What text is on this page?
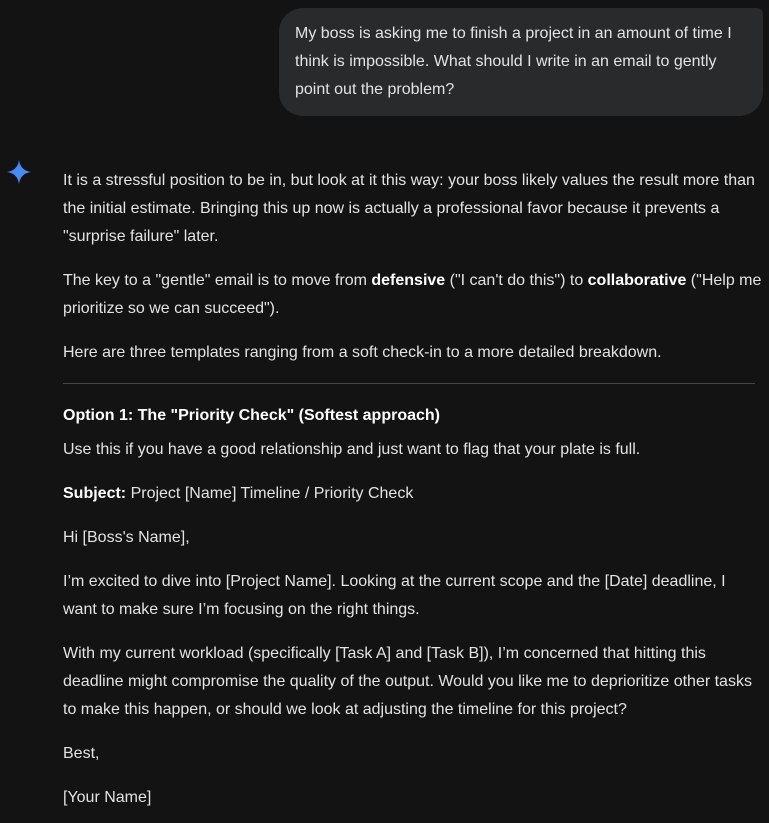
My boss is asking me to finish a project in an amount of time I think is impossible. What should I write in an email to gently point out the problem?

It is a stressful position to be in, but look at it this way: your boss likely values the result more than the initial estimate. Bringing this up now is actually a professional favor because it prevents a "surprise failure" later.

The key to a "gentle" email is to move from defensive ("I can't do this") to collaborative ("Help me prioritize so we can succeed").

Here are three templates ranging from a soft check-in to a more detailed breakdown.

Option 1: The "Priority Check" (Softest approach)

Use this if you have a good relationship and just want to flag that your plate is full.

Subject: Project [Name] Timeline / Priority Check

Hi [Boss's Name],

I’m excited to dive into [Project Name]. Looking at the current scope and the [Date] deadline, I want to make sure I’m focusing on the right things.

With my current workload (specifically [Task A] and [Task B]), I’m concerned that hitting this deadline might compromise the quality of the output. Would you like me to deprioritize other tasks to make this happen, or should we look at adjusting the timeline for this project?

Best,

[Your Name]
